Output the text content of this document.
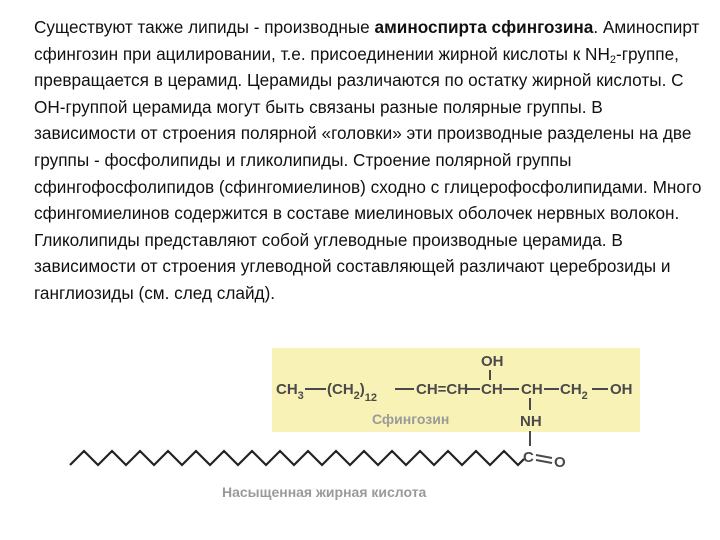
Существуют также липиды - производные аминоспирта сфингозина. Аминоспирт сфингозин при ацилировании, т.е. присоединении жирной кислоты к $NH_2$-группе, превращается в церамид. Церамиды различаются по остатку жирной кислоты. С ОН-группой церамида могут быть связаны разные полярные группы. В зависимости от строения полярной «головки» эти производные разделены на две группы - фосфолипиды и гликолипиды. Строение полярной группы сфингофосфолипидов (сфингомиелинов) сходно с глицерофосфолипидами. Много сфингомиелинов содержится в составе миелиновых оболочек нервных волокон. Гликолипиды представляют собой углеводные производные церамида. В зависимости от строения углеводной составляющей различают цереброзиды и ганглиозиды (см. след слайд).

OH
$CH_3$ $(CH_2)_{12}$	CH=CH CH CH $CH_2$ OH
Сфингозин	NH
C O
Насыщенная жирная кислота
